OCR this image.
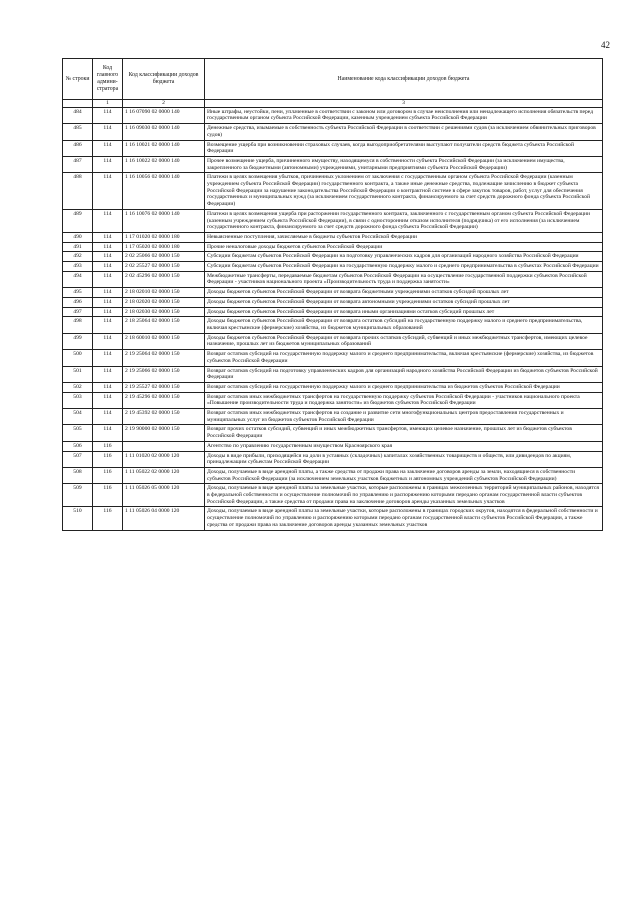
42
№ строки	Код главного админи- стратора	Код классификации доходов бюджета	Наименование кода классификации доходов бюджета
	1	2	3
484	114	1 16 07090 02 0000 140	Иные штрафы, неустойки, пени, уплаченные в соответствии с законом или договором в случае неисполнения или ненадлежащего исполнения обязательств перед государственным органом субъекта Российской Федерации, казенным учреждением субъекта Российской Федерации
485	114	1 16 09030 02 0000 140	Денежные средства, изымаемые в собственность субъекта Российской Федерации в соответствии с решениями судов (за исключением обвинительных приговоров судов)
486	114	1 16 10021 02 0000 140	Возмещение ущерба при возникновении страховых случаев, когда выгодоприобретателями выступают получатели средств бюджета субъекта Российской Федерации
487	114	1 16 10022 02 0000 140	Прочее возмещение ущерба, причиненного имуществу, находящемуся в собственности субъекта Российской Федерации (за исключением имущества, закрепленного за бюджетными (автономными) учреждениями, унитарными предприятиями субъекта Российской Федерации)
488	114	1 16 10056 02 0000 140	Платежи в целях возмещения убытков, причиненных уклонением от заключения с государственным органом субъекта Российской Федерации (казенным учреждением субъекта Российской Федерации) государственного контракта, а также иные денежные средства, подлежащие зачислению в бюджет субъекта Российской Федерации за нарушение законодательства Российской Федерации о контрактной системе в сфере закупок товаров, работ, услуг для обеспечения государственных и муниципальных нужд (за исключением государственного контракта, финансируемого за счет средств дорожного фонда субъекта Российской Федерации)
489	114	1 16 10076 02 0000 140	Платежи в целях возмещения ущерба при расторжении государственного контракта, заключенного с государственным органом субъекта Российской Федерации (казенным учреждением субъекта Российской Федерации), в связи с односторонним отказом исполнителя (подрядчика) от его исполнения (за исключением государственного контракта, финансируемого за счет средств дорожного фонда субъекта Российской Федерации)
490	114	1 17 01020 02 0000 180	Невыясненные поступления, зачисляемые в бюджеты субъектов Российской Федерации
491	114	1 17 05020 02 0000 180	Прочие неналоговые доходы бюджетов субъектов Российской Федерации
492	114	2 02 25066 02 0000 150	Субсидии бюджетам субъектов Российской Федерации на подготовку управленческих кадров для организаций народного хозяйства Российской Федерации
493	114	2 02 25527 02 0000 150	Субсидии бюджетам субъектов Российской Федерации на государственную поддержку малого и среднего предпринимательства в субъектах Российской Федерации
494	114	2 02 45296 02 0000 150	Межбюджетные трансферты, передаваемые бюджетам субъектов Российской Федерации на осуществление государственной поддержки субъектов Российской Федерации - участников национального проекта «Производительность труда и поддержка занятости»
495	114	2 18 02010 02 0000 150	Доходы бюджетов субъектов Российской Федерации от возврата бюджетными учреждениями остатков субсидий прошлых лет
496	114	2 18 02020 02 0000 150	Доходы бюджетов субъектов Российской Федерации от возврата автономными учреждениями остатков субсидий прошлых лет
497	114	2 18 02030 02 0000 150	Доходы бюджетов субъектов Российской Федерации от возврата иными организациями остатков субсидий прошлых лет
498	114	2 18 25064 02 0000 150	Доходы бюджетов субъектов Российской Федерации от возврата остатков субсидий на государственную поддержку малого и среднего предпринимательства, включая крестьянские (фермерские) хозяйства, из бюджетов муниципальных образований
499	114	2 18 60010 02 0000 150	Доходы бюджетов субъектов Российской Федерации от возврата прочих остатков субсидий, субвенций и иных межбюджетных трансфертов, имеющих целевое назначение, прошлых лет из бюджетов муниципальных образований
500	114	2 19 25064 02 0000 150	Возврат остатков субсидий на государственную поддержку малого и среднего предпринимательства, включая крестьянские (фермерские) хозяйства, из бюджетов субъектов Российской Федерации
501	114	2 19 25066 02 0000 150	Возврат остатков субсидий на подготовку управленческих кадров для организаций народного хозяйства Российской Федерации из бюджетов субъектов Российской Федерации
502	114	2 19 25527 02 0000 150	Возврат остатков субсидий на государственную поддержку малого и среднего предпринимательства из бюджетов субъектов Российской Федерации
503	114	2 19 45296 02 0000 150	Возврат остатков иных межбюджетных трансфертов на государственную поддержку субъектов Российской Федерации - участников национального проекта «Повышение производительности труда и поддержка занятости» из бюджетов субъектов Российской Федерации
504	114	2 19 45392 02 0000 150	Возврат остатков иных межбюджетных трансфертов на создание и развитие сети многофункциональных центров предоставления государственных и муниципальных услуг из бюджетов субъектов Российской Федерации
505	114	2 19 90000 02 0000 150	Возврат прочих остатков субсидий, субвенций и иных межбюджетных трансфертов, имеющих целевое назначение, прошлых лет из бюджетов субъектов Российской Федерации
506	116		Агентство по управлению государственным имуществом Красноярского края
507	116	1 11 01020 02 0000 120	Доходы в виде прибыли, приходящейся на доли в уставных (складочных) капиталах хозяйственных товариществ и обществ, или дивидендов по акциям, принадлежащим субъектам Российской Федерации
508	116	1 11 05022 02 0000 120	Доходы, получаемые в виде арендной платы, а также средства от продажи права на заключение договоров аренды за земли, находящиеся в собственности субъектов Российской Федерации (за исключением земельных участков бюджетных и автономных учреждений субъектов Российской Федерации)
509	116	1 11 05026 05 0000 120	Доходы, получаемые в виде арендной платы за земельные участки, которые расположены в границах межселенных территорий муниципальных районов, находятся в федеральной собственности и осуществление полномочий по управлению и распоряжению которыми передано органам государственной власти субъектов Российской Федерации, а также средства от продажи права на заключение договоров аренды указанных земельных участков
510	116	1 11 05026 04 0000 120	Доходы, получаемые в виде арендной платы за земельные участки, которые расположены в границах городских округов, находятся в федеральной собственности и осуществление полномочий по управлению и распоряжению которыми передано органам государственной власти субъектов Российской Федерации, а также средства от продажи права на заключение договоров аренды указанных земельных участков
